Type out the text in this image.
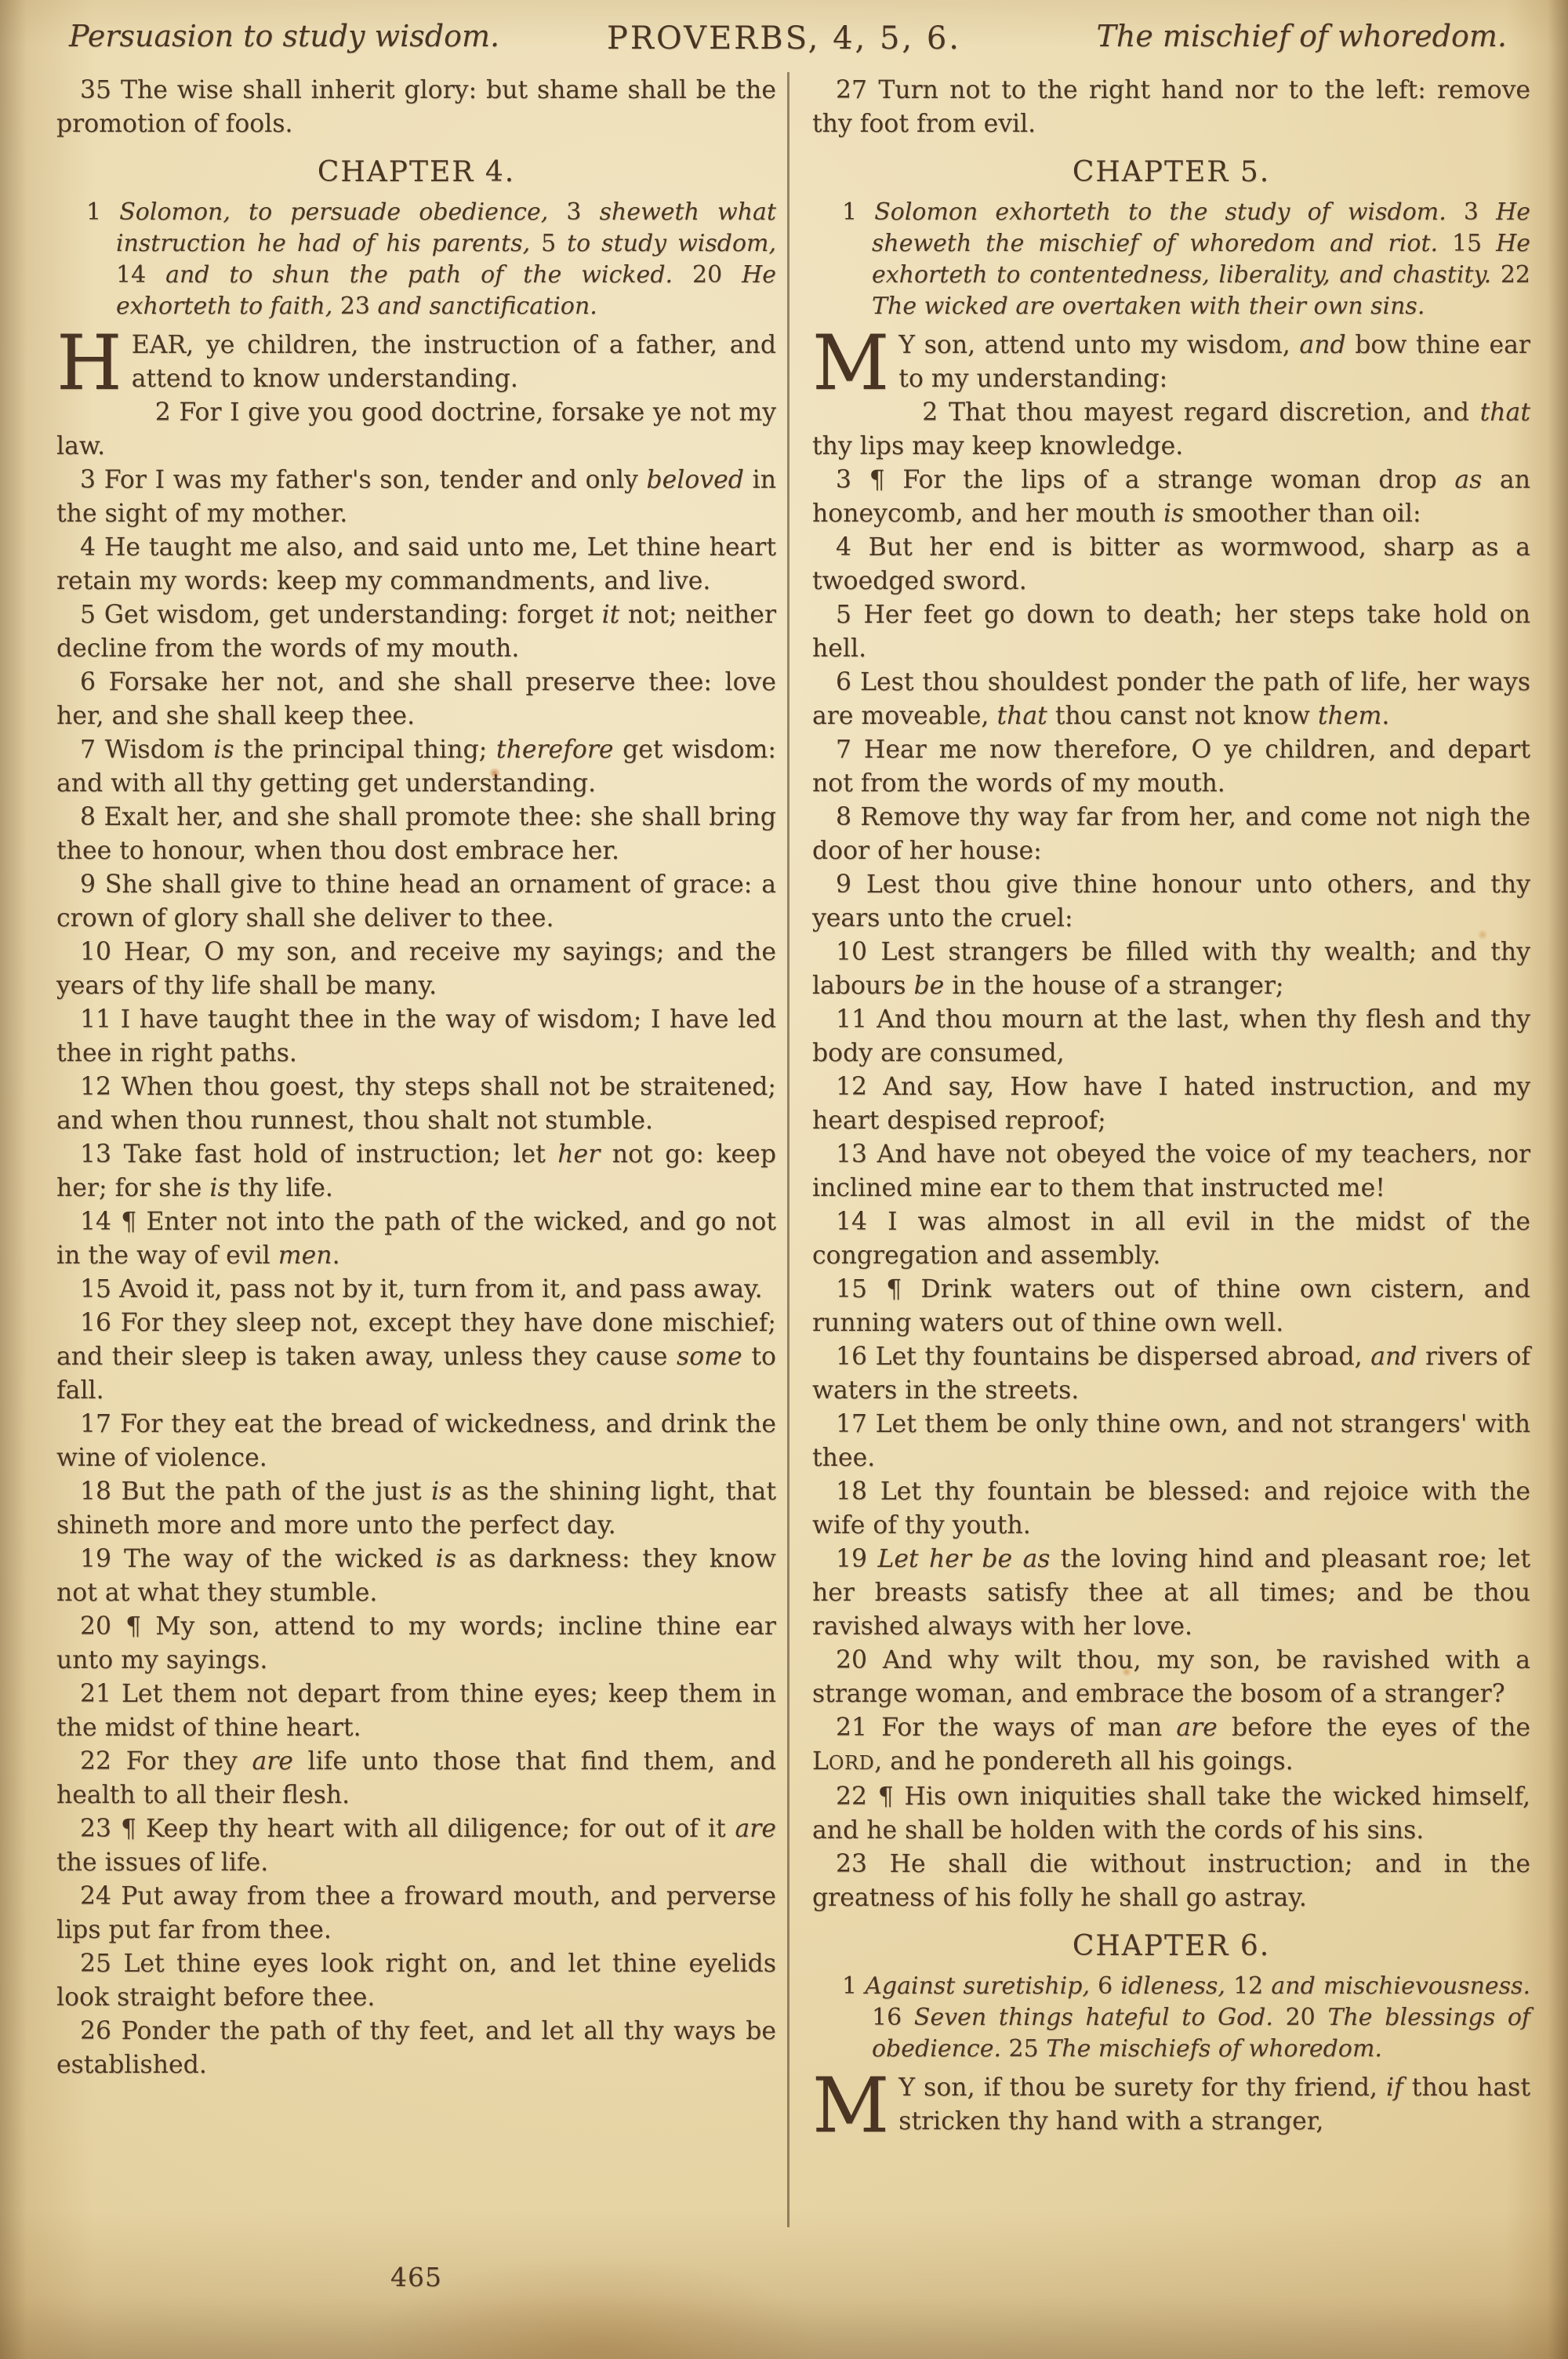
Persuasion to study wisdom.	PROVERBS, 4, 5, 6.	The mischief of whoredom.

35 The wise shall inherit glory: but shame shall be the promotion of fools.

CHAPTER 4.

1 Solomon, to persuade obedience, 3 sheweth what instruction he had of his parents, 5 to study wisdom, 14 and to shun the path of the wicked. 20 He exhorteth to faith, 23 and sanctification.

HEAR, ye children, the instruction of a father, and attend to know understanding.

2 For I give you good doctrine, forsake ye not my law.

3 For I was my father's son, tender and only beloved in the sight of my mother.

4 He taught me also, and said unto me, Let thine heart retain my words: keep my commandments, and live.

5 Get wisdom, get understanding: forget it not; neither decline from the words of my mouth.

6 Forsake her not, and she shall preserve thee: love her, and she shall keep thee.

7 Wisdom is the principal thing; therefore get wisdom: and with all thy getting get understanding.

8 Exalt her, and she shall promote thee: she shall bring thee to honour, when thou dost embrace her.

9 She shall give to thine head an ornament of grace: a crown of glory shall she deliver to thee.

10 Hear, O my son, and receive my sayings; and the years of thy life shall be many.

11 I have taught thee in the way of wisdom; I have led thee in right paths.

12 When thou goest, thy steps shall not be straitened; and when thou runnest, thou shalt not stumble.

13 Take fast hold of instruction; let her not go: keep her; for she is thy life.

14 ¶ Enter not into the path of the wicked, and go not in the way of evil men.

15 Avoid it, pass not by it, turn from it, and pass away.

16 For they sleep not, except they have done mischief; and their sleep is taken away, unless they cause some to fall.

17 For they eat the bread of wickedness, and drink the wine of violence.

18 But the path of the just is as the shining light, that shineth more and more unto the perfect day.

19 The way of the wicked is as darkness: they know not at what they stumble.

20 ¶ My son, attend to my words; incline thine ear unto my sayings.

21 Let them not depart from thine eyes; keep them in the midst of thine heart.

22 For they are life unto those that find them, and health to all their flesh.

23 ¶ Keep thy heart with all diligence; for out of it are the issues of life.

24 Put away from thee a froward mouth, and perverse lips put far from thee.

25 Let thine eyes look right on, and let thine eyelids look straight before thee.

26 Ponder the path of thy feet, and let all thy ways be established.

27 Turn not to the right hand nor to the left: remove thy foot from evil.

CHAPTER 5.

1 Solomon exhorteth to the study of wisdom. 3 He sheweth the mischief of whoredom and riot. 15 He exhorteth to contentedness, liberality, and chastity. 22 The wicked are overtaken with their own sins.

M Y son, attend unto my wisdom, and bow thine ear to my understanding:

2 That thou mayest regard discretion, and that thy lips may keep knowledge.

3 ¶ For the lips of a strange woman drop as an honeycomb, and her mouth is smoother than oil:

4 But her end is bitter as wormwood, sharp as a twoedged sword.

5 Her feet go down to death; her steps take hold on hell.

6 Lest thou shouldest ponder the path of life, her ways are moveable, that thou canst not know them.

7 Hear me now therefore, O ye children, and depart not from the words of my mouth.

8 Remove thy way far from her, and come not nigh the door of her house:

9 Lest thou give thine honour unto others, and thy years unto the cruel:

10 Lest strangers be filled with thy wealth; and thy labours be in the house of a stranger;

11 And thou mourn at the last, when thy flesh and thy body are consumed,

12 And say, How have I hated instruction, and my heart despised reproof;

13 And have not obeyed the voice of my teachers, nor inclined mine ear to them that instructed me!

14 I was almost in all evil in the midst of the congregation and assembly.

15 ¶ Drink waters out of thine own cistern, and running waters out of thine own well.

16 Let thy fountains be dispersed abroad, and rivers of waters in the streets.

17 Let them be only thine own, and not strangers' with thee.

18 Let thy fountain be blessed: and rejoice with the wife of thy youth.

19 Let her be as the loving hind and pleasant roe; let her breasts satisfy thee at all times; and be thou ravished always with her love.

20 And why wilt thou, my son, be ravished with a strange woman, and embrace the bosom of a stranger?

21 For the ways of man are before the eyes of the LORD, and he pondereth all his goings.

22 ¶ His own iniquities shall take the wicked himself, and he shall be holden with the cords of his sins.

23 He shall die without instruction; and in the greatness of his folly he shall go astray.

CHAPTER 6.

1 Against suretiship, 6 idleness, 12 and mischievousness. 16 Seven things hateful to God. 20 The blessings of obedience. 25 The mischiefs of whoredom.

M Y son, if thou be surety for thy friend, if thou hast stricken thy hand with a stranger,

465
